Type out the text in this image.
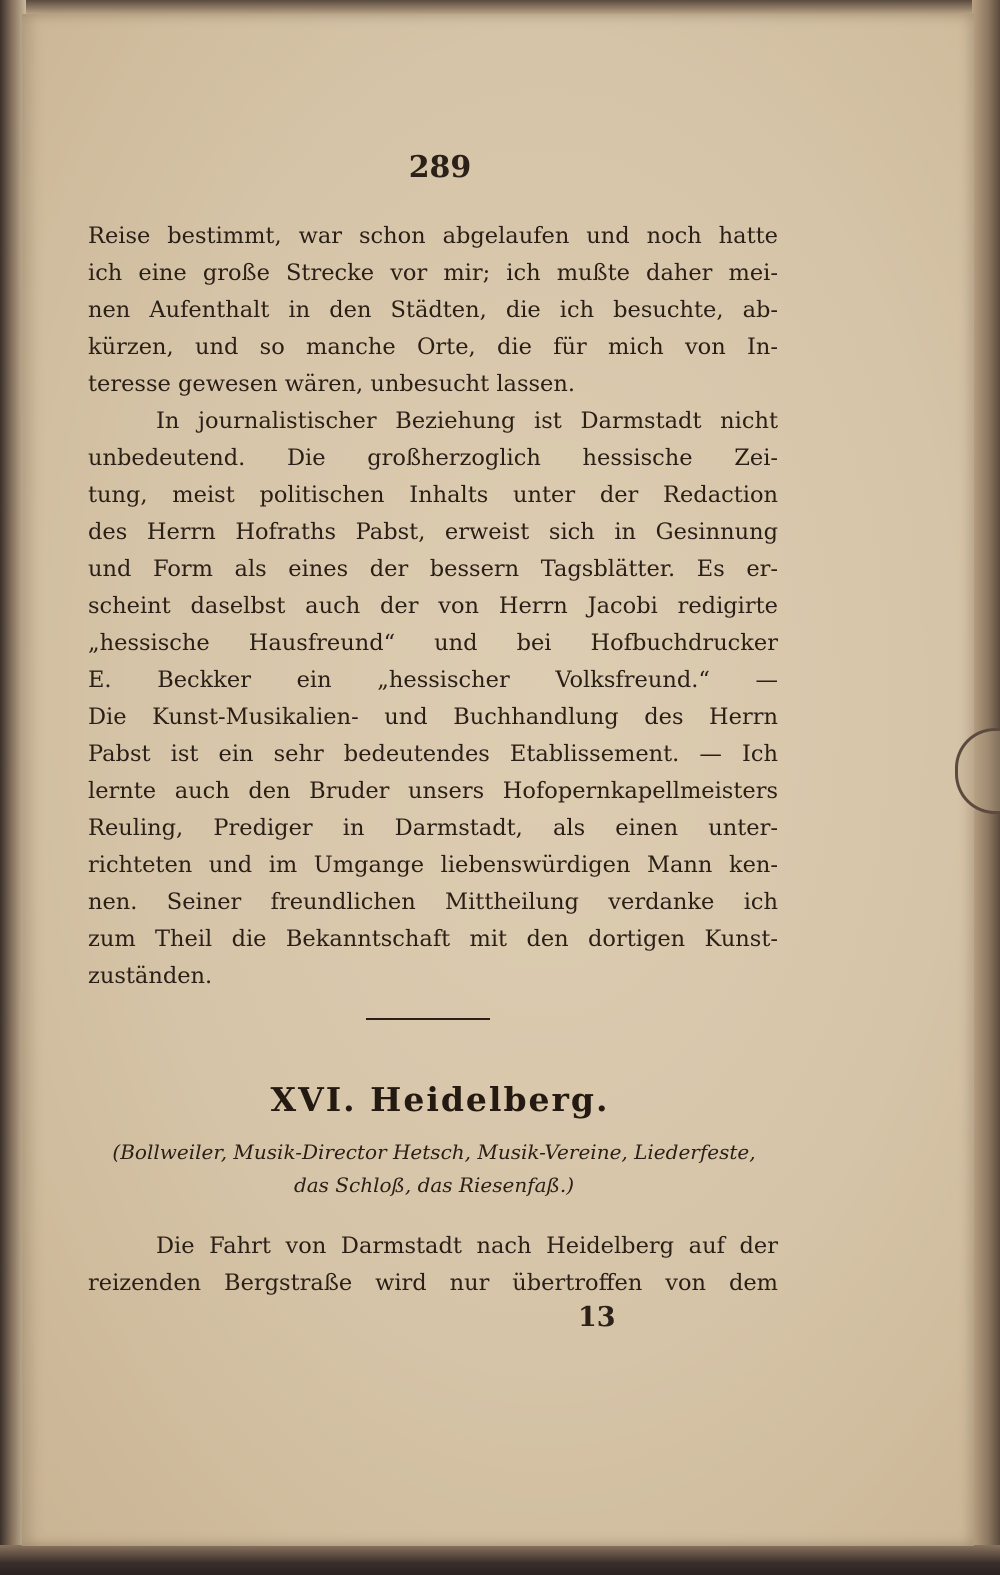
289
Reise bestimmt, war schon abgelaufen und noch hatte
ich eine große Strecke vor mir; ich mußte daher mei-
nen Aufenthalt in den Städten, die ich besuchte, ab-
kürzen, und so manche Orte, die für mich von In-
teresse gewesen wären, unbesucht lassen.
In journalistischer Beziehung ist Darmstadt nicht
unbedeutend. Die großherzoglich hessische Zei-
tung, meist politischen Inhalts unter der Redaction
des Herrn Hofraths Pabst, erweist sich in Gesinnung
und Form als eines der bessern Tagsblätter. Es er-
scheint daselbst auch der von Herrn Jacobi redigirte
„hessische Hausfreund“ und bei Hofbuchdrucker
E. Beckker ein „hessischer Volksfreund.“ —
Die Kunst-Musikalien- und Buchhandlung des Herrn
Pabst ist ein sehr bedeutendes Etablissement. — Ich
lernte auch den Bruder unsers Hofopernkapellmeisters
Reuling, Prediger in Darmstadt, als einen unter-
richteten und im Umgange liebenswürdigen Mann ken-
nen. Seiner freundlichen Mittheilung verdanke ich
zum Theil die Bekanntschaft mit den dortigen Kunst-
zuständen.
XVI. Heidelberg.
(Bollweiler, Musik-Director Hetsch, Musik-Vereine, Liederfeste,
das Schloß, das Riesenfaß.)
Die Fahrt von Darmstadt nach Heidelberg auf der
reizenden Bergstraße wird nur übertroffen von dem
13
